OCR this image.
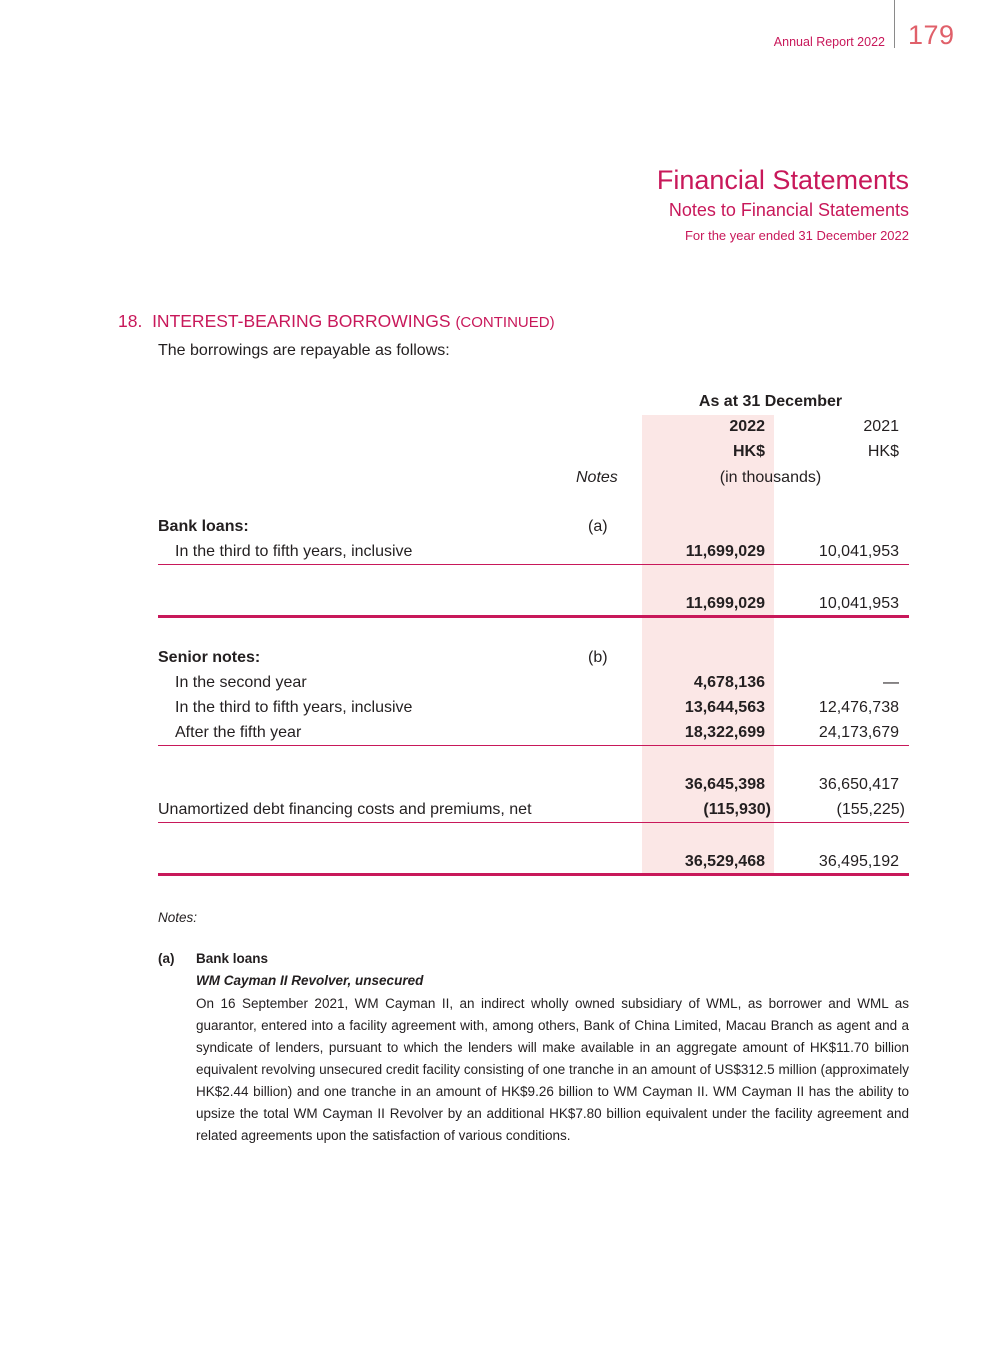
Annual Report 2022 179
Financial Statements
Notes to Financial Statements
For the year ended 31 December 2022
18. INTEREST-BEARING BORROWINGS (CONTINUED)
The borrowings are repayable as follows:
As at 31 December
2022	2021
HK$	HK$
Notes	(in thousands)
Bank loans:	(a)
In the third to fifth years, inclusive	11,699,029	10,041,953
11,699,029	10,041,953
Senior notes:	(b)
In the second year	4,678,136	—
In the third to fifth years, inclusive	13,644,563	12,476,738
After the fifth year	18,322,699	24,173,679
36,645,398	36,650,417
Unamortized debt financing costs and premiums, net	(115,930)	(155,225)
36,529,468	36,495,192
Notes:
(a) Bank loans
WM Cayman II Revolver, unsecured
On 16 September 2021, WM Cayman II, an indirect wholly owned subsidiary of WML, as borrower and WML as guarantor, entered into a facility agreement with, among others, Bank of China Limited, Macau Branch as agent and a syndicate of lenders, pursuant to which the lenders will make available in an aggregate amount of HK$11.70 billion equivalent revolving unsecured credit facility consisting of one tranche in an amount of US$312.5 million (approximately HK$2.44 billion) and one tranche in an amount of HK$9.26 billion to WM Cayman II. WM Cayman II has the ability to upsize the total WM Cayman II Revolver by an additional HK$7.80 billion equivalent under the facility agreement and related agreements upon the satisfaction of various conditions.
